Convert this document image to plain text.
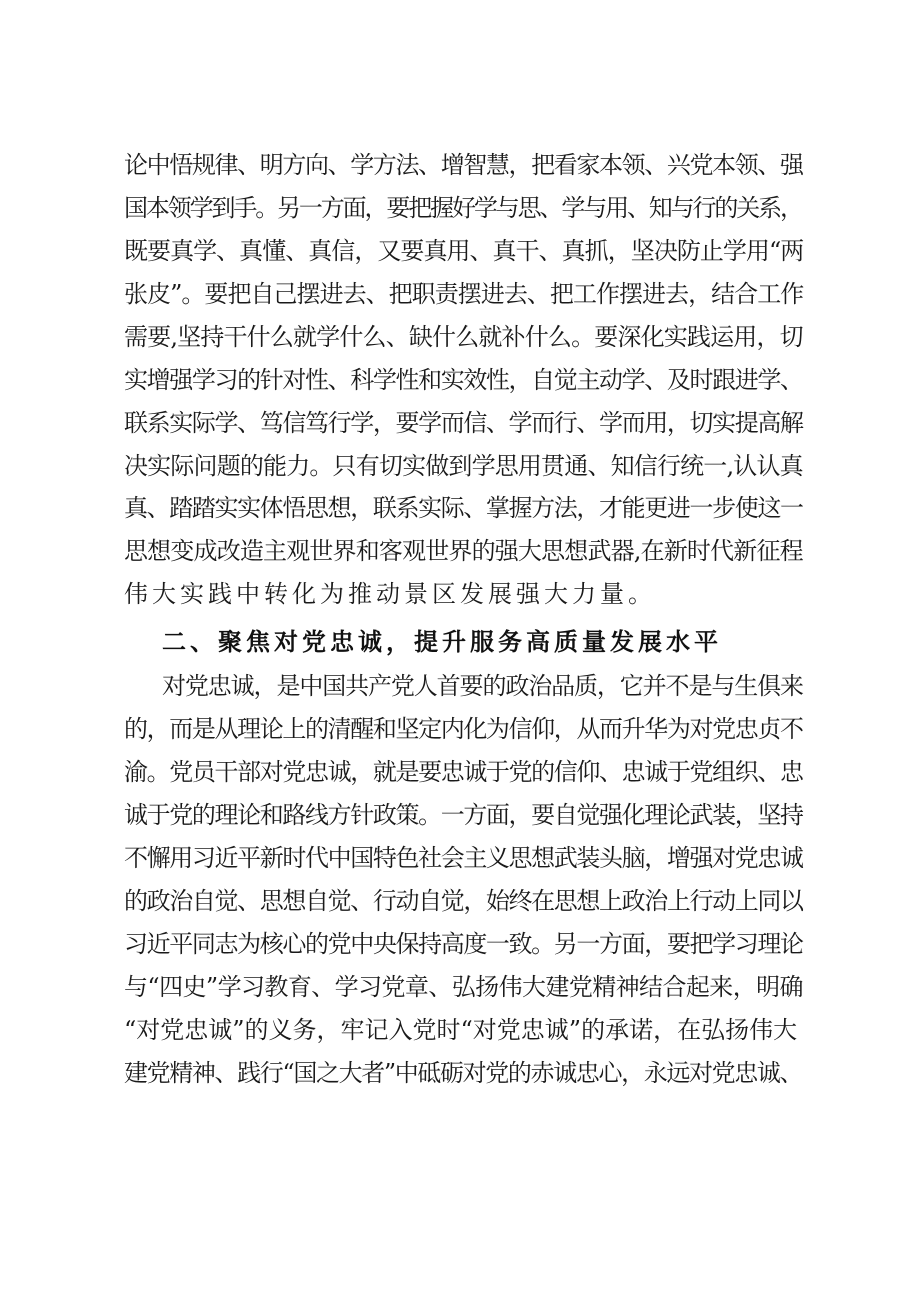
论中悟规律、明方向、学方法、增智慧，把看家本领、兴党本领、强

国本领学到手。另一方面，要把握好学与思、学与用、知与行的关系，

既要真学、真懂、真信，又要真用、真干、真抓，坚决防止学用“两

张皮”。要把自己摆进去、把职责摆进去、把工作摆进去，结合工作

需要,坚持干什么就学什么、缺什么就补什么。要深化实践运用，切

实增强学习的针对性、科学性和实效性，自觉主动学、及时跟进学、

联系实际学、笃信笃行学，要学而信、学而行、学而用，切实提高解

决实际问题的能力。只有切实做到学思用贯通、知信行统一,认认真

真、踏踏实实体悟思想，联系实际、掌握方法，才能更进一步使这一

思想变成改造主观世界和客观世界的强大思想武器,在新时代新征程

伟大实践中转化为推动景区发展强大力量。

二、聚焦对党忠诚，提升服务高质量发展水平

对党忠诚，是中国共产党人首要的政治品质，它并不是与生俱来

的，而是从理论上的清醒和坚定内化为信仰，从而升华为对党忠贞不

渝。党员干部对党忠诚，就是要忠诚于党的信仰、忠诚于党组织、忠

诚于党的理论和路线方针政策。一方面，要自觉强化理论武装，坚持

不懈用习近平新时代中国特色社会主义思想武装头脑，增强对党忠诚

的政治自觉、思想自觉、行动自觉，始终在思想上政治上行动上同以

习近平同志为核心的党中央保持高度一致。另一方面，要把学习理论

与“四史”学习教育、学习党章、弘扬伟大建党精神结合起来，明确

“对党忠诚”的义务，牢记入党时“对党忠诚”的承诺，在弘扬伟大

建党精神、践行“国之大者”中砥砺对党的赤诚忠心，永远对党忠诚、
